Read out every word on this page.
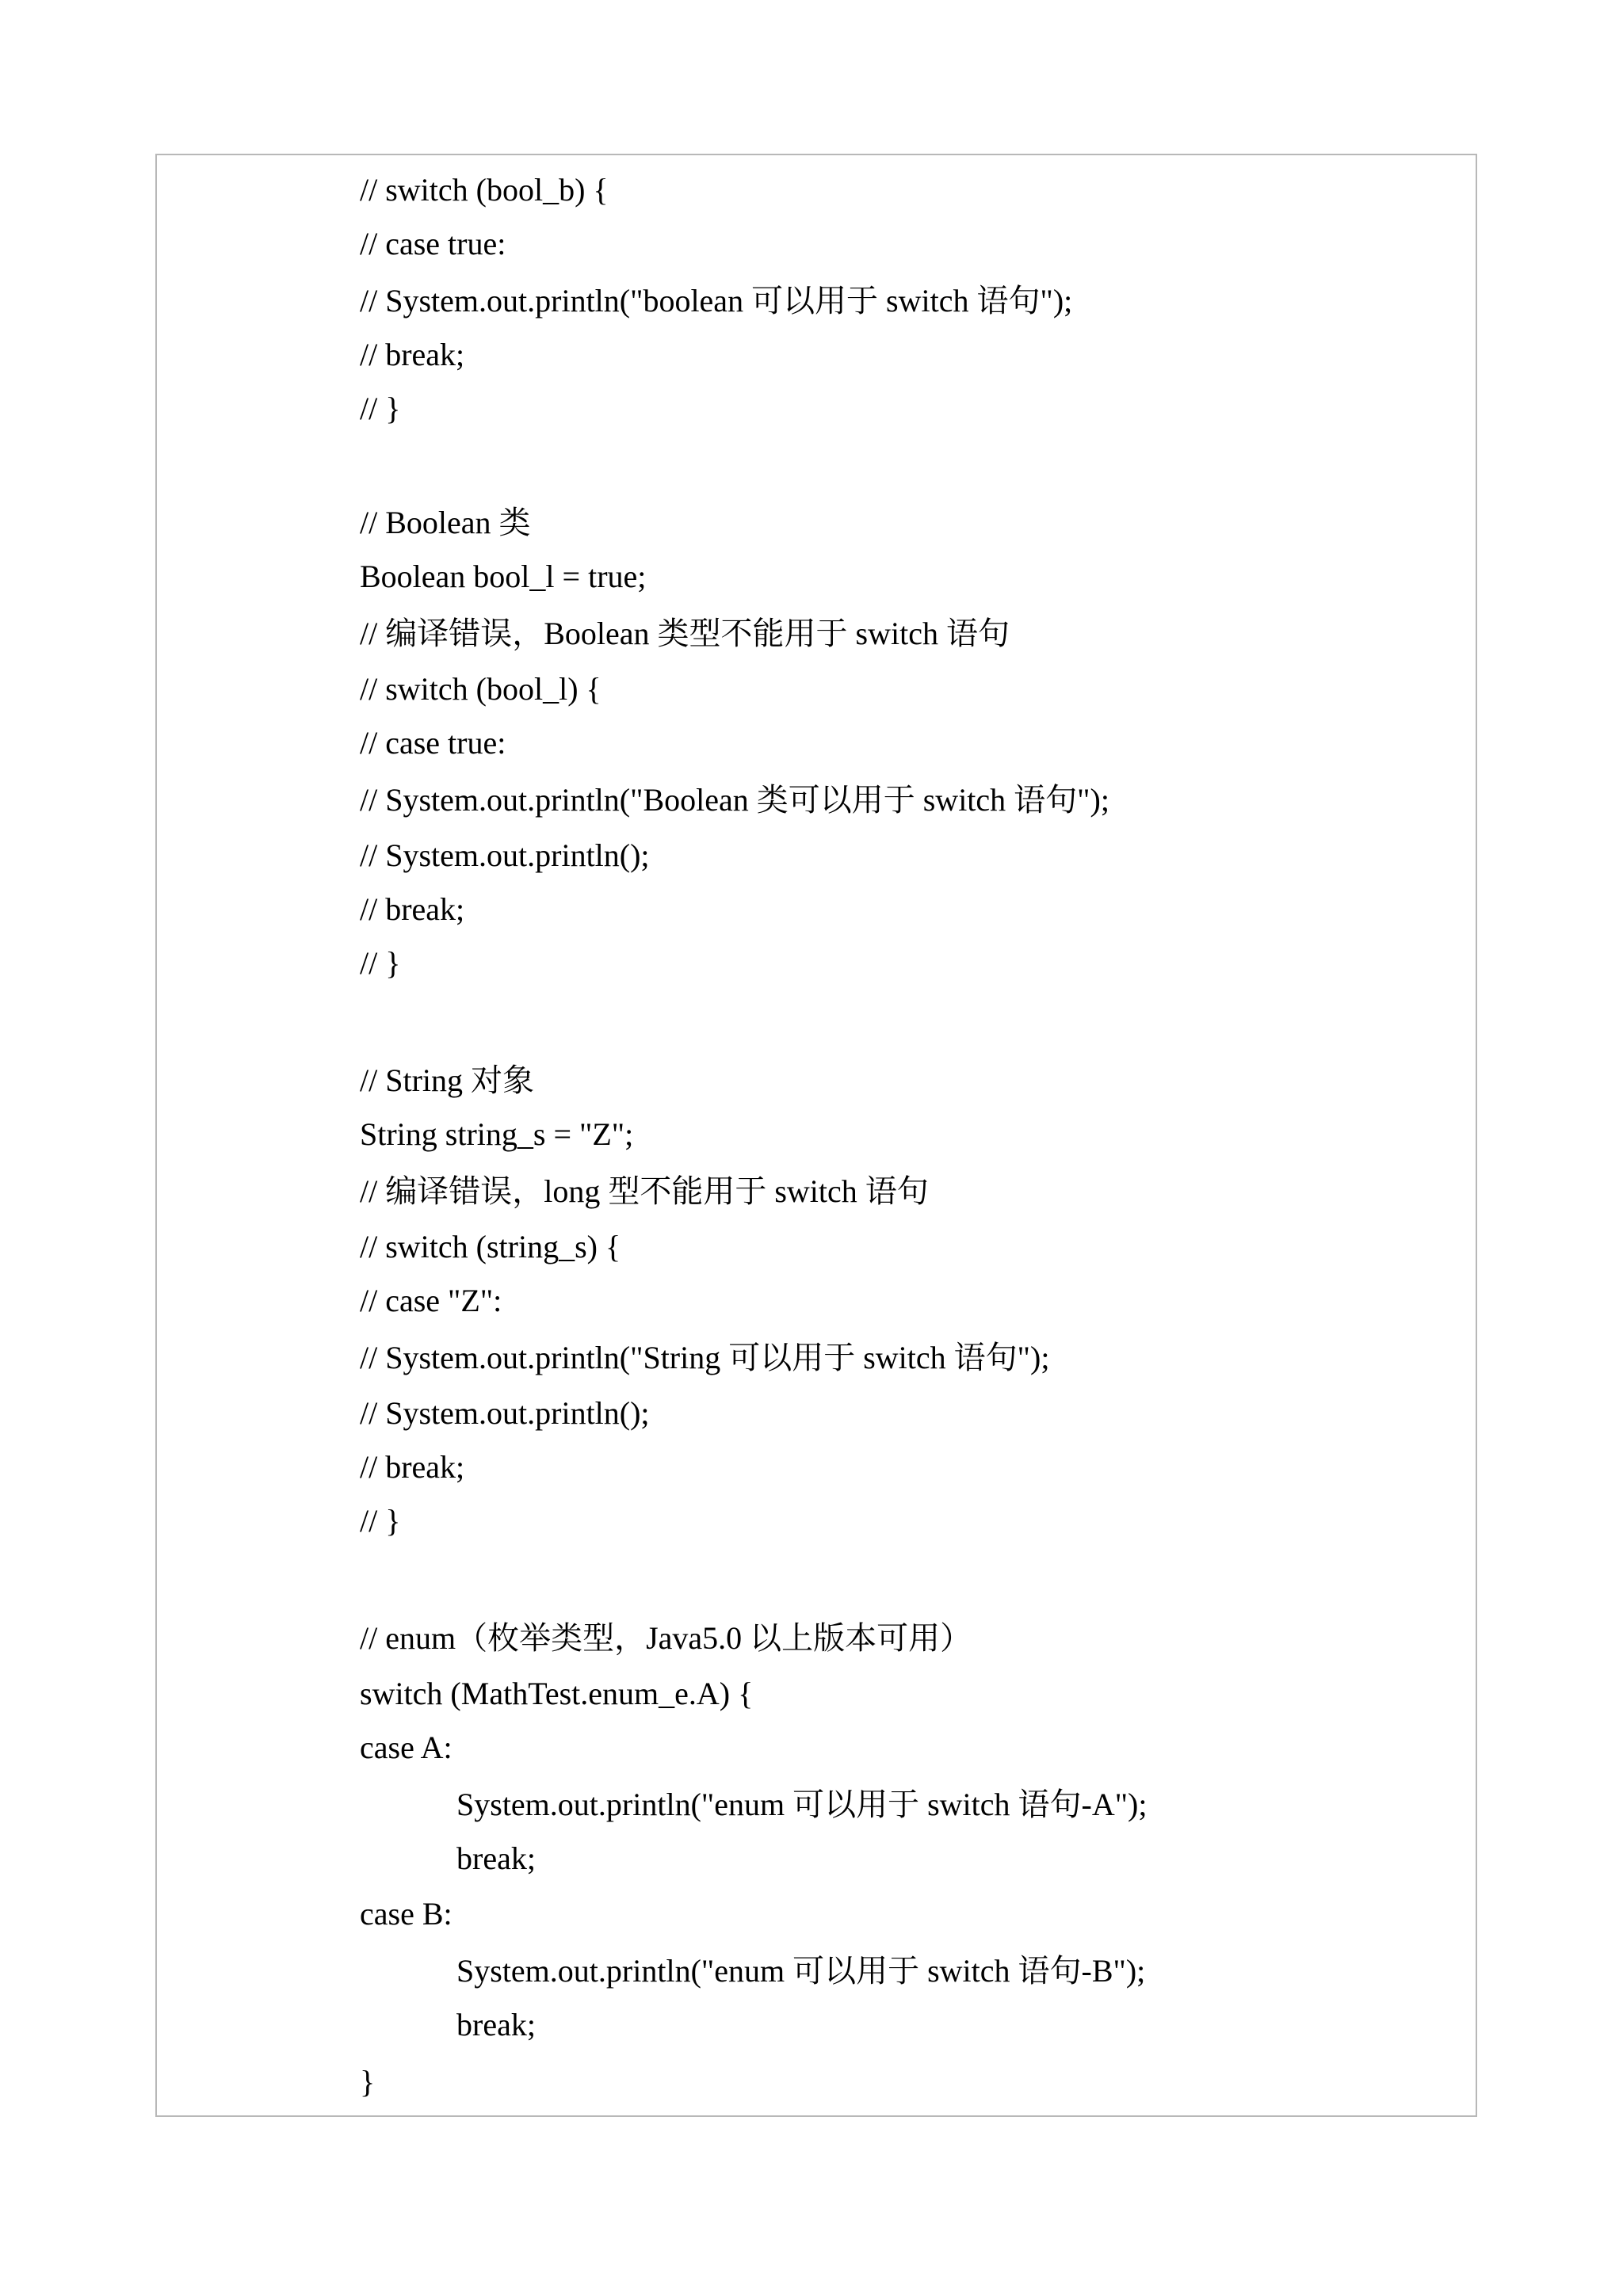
// switch (bool_b) {
// case true:
// System.out.println("boolean 可以用于 switch 语句");
// break;
// }
// Boolean 类
Boolean bool_l = true;
// 编译错误，Boolean 类型不能用于 switch 语句
// switch (bool_l) {
// case true:
// System.out.println("Boolean 类可以用于 switch 语句");
// System.out.println();
// break;
// }
// String 对象
String string_s = "Z";
// 编译错误，long 型不能用于 switch 语句
// switch (string_s) {
// case "Z":
// System.out.println("String 可以用于 switch 语句");
// System.out.println();
// break;
// }
// enum（枚举类型，Java5.0 以上版本可用）
switch (MathTest.enum_e.A) {
case A:
System.out.println("enum 可以用于 switch 语句-A");
break;
case B:
System.out.println("enum 可以用于 switch 语句-B");
break;
}
